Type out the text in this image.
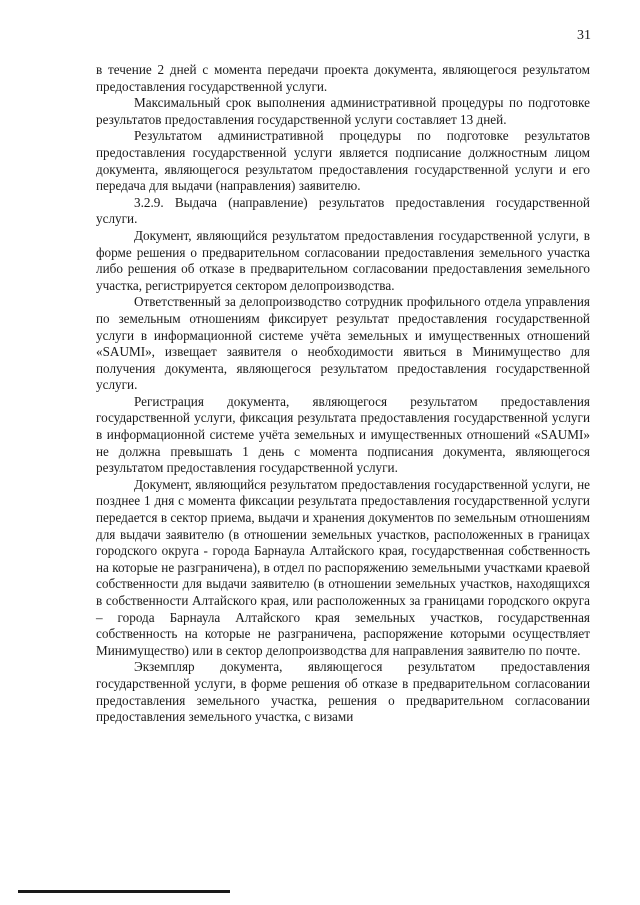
31

в течение 2 дней с момента передачи проекта документа, являющегося результатом предоставления государственной услуги.

Максимальный срок выполнения административной процедуры по подготовке результатов предоставления государственной услуги составляет 13 дней.

Результатом административной процедуры по подготовке результатов предоставления государственной услуги является подписание должностным лицом документа, являющегося результатом предоставления государственной услуги и его передача для выдачи (направления) заявителю.

3.2.9. Выдача (направление) результатов предоставления государственной услуги.

Документ, являющийся результатом предоставления государственной услуги, в форме решения о предварительном согласовании предоставления земельного участка либо решения об отказе в предварительном согласовании предоставления земельного участка, регистрируется сектором делопроизводства.

Ответственный за делопроизводство сотрудник профильного отдела управления по земельным отношениям фиксирует результат предоставления государственной услуги в информационной системе учёта земельных и имущественных отношений «SAUMI», извещает заявителя о необходимости явиться в Минимущество для получения документа, являющегося результатом предоставления государственной услуги.

Регистрация документа, являющегося результатом предоставления государственной услуги, фиксация результата предоставления государственной услуги в информационной системе учёта земельных и имущественных отношений «SAUMI» не должна превышать 1 день с момента подписания документа, являющегося результатом предоставления государственной услуги.

Документ, являющийся результатом предоставления государственной услуги, не позднее 1 дня с момента фиксации результата предоставления государственной услуги передается в сектор приема, выдачи и хранения документов по земельным отношениям для выдачи заявителю (в отношении земельных участков, расположенных в границах городского округа - города Барнаула Алтайского края, государственная собственность на которые не разграничена), в отдел по распоряжению земельными участками краевой собственности для выдачи заявителю (в отношении земельных участков, находящихся в собственности Алтайского края, или расположенных за границами городского округа – города Барнаула Алтайского края земельных участков, государственная собственность на которые не разграничена, распоряжение которыми осуществляет Минимущество) или в сектор делопроизводства для направления заявителю по почте.

Экземпляр документа, являющегося результатом предоставления государственной услуги, в форме решения об отказе в предварительном согласовании предоставления земельного участка, решения о предварительном согласовании предоставления земельного участка, с визами
